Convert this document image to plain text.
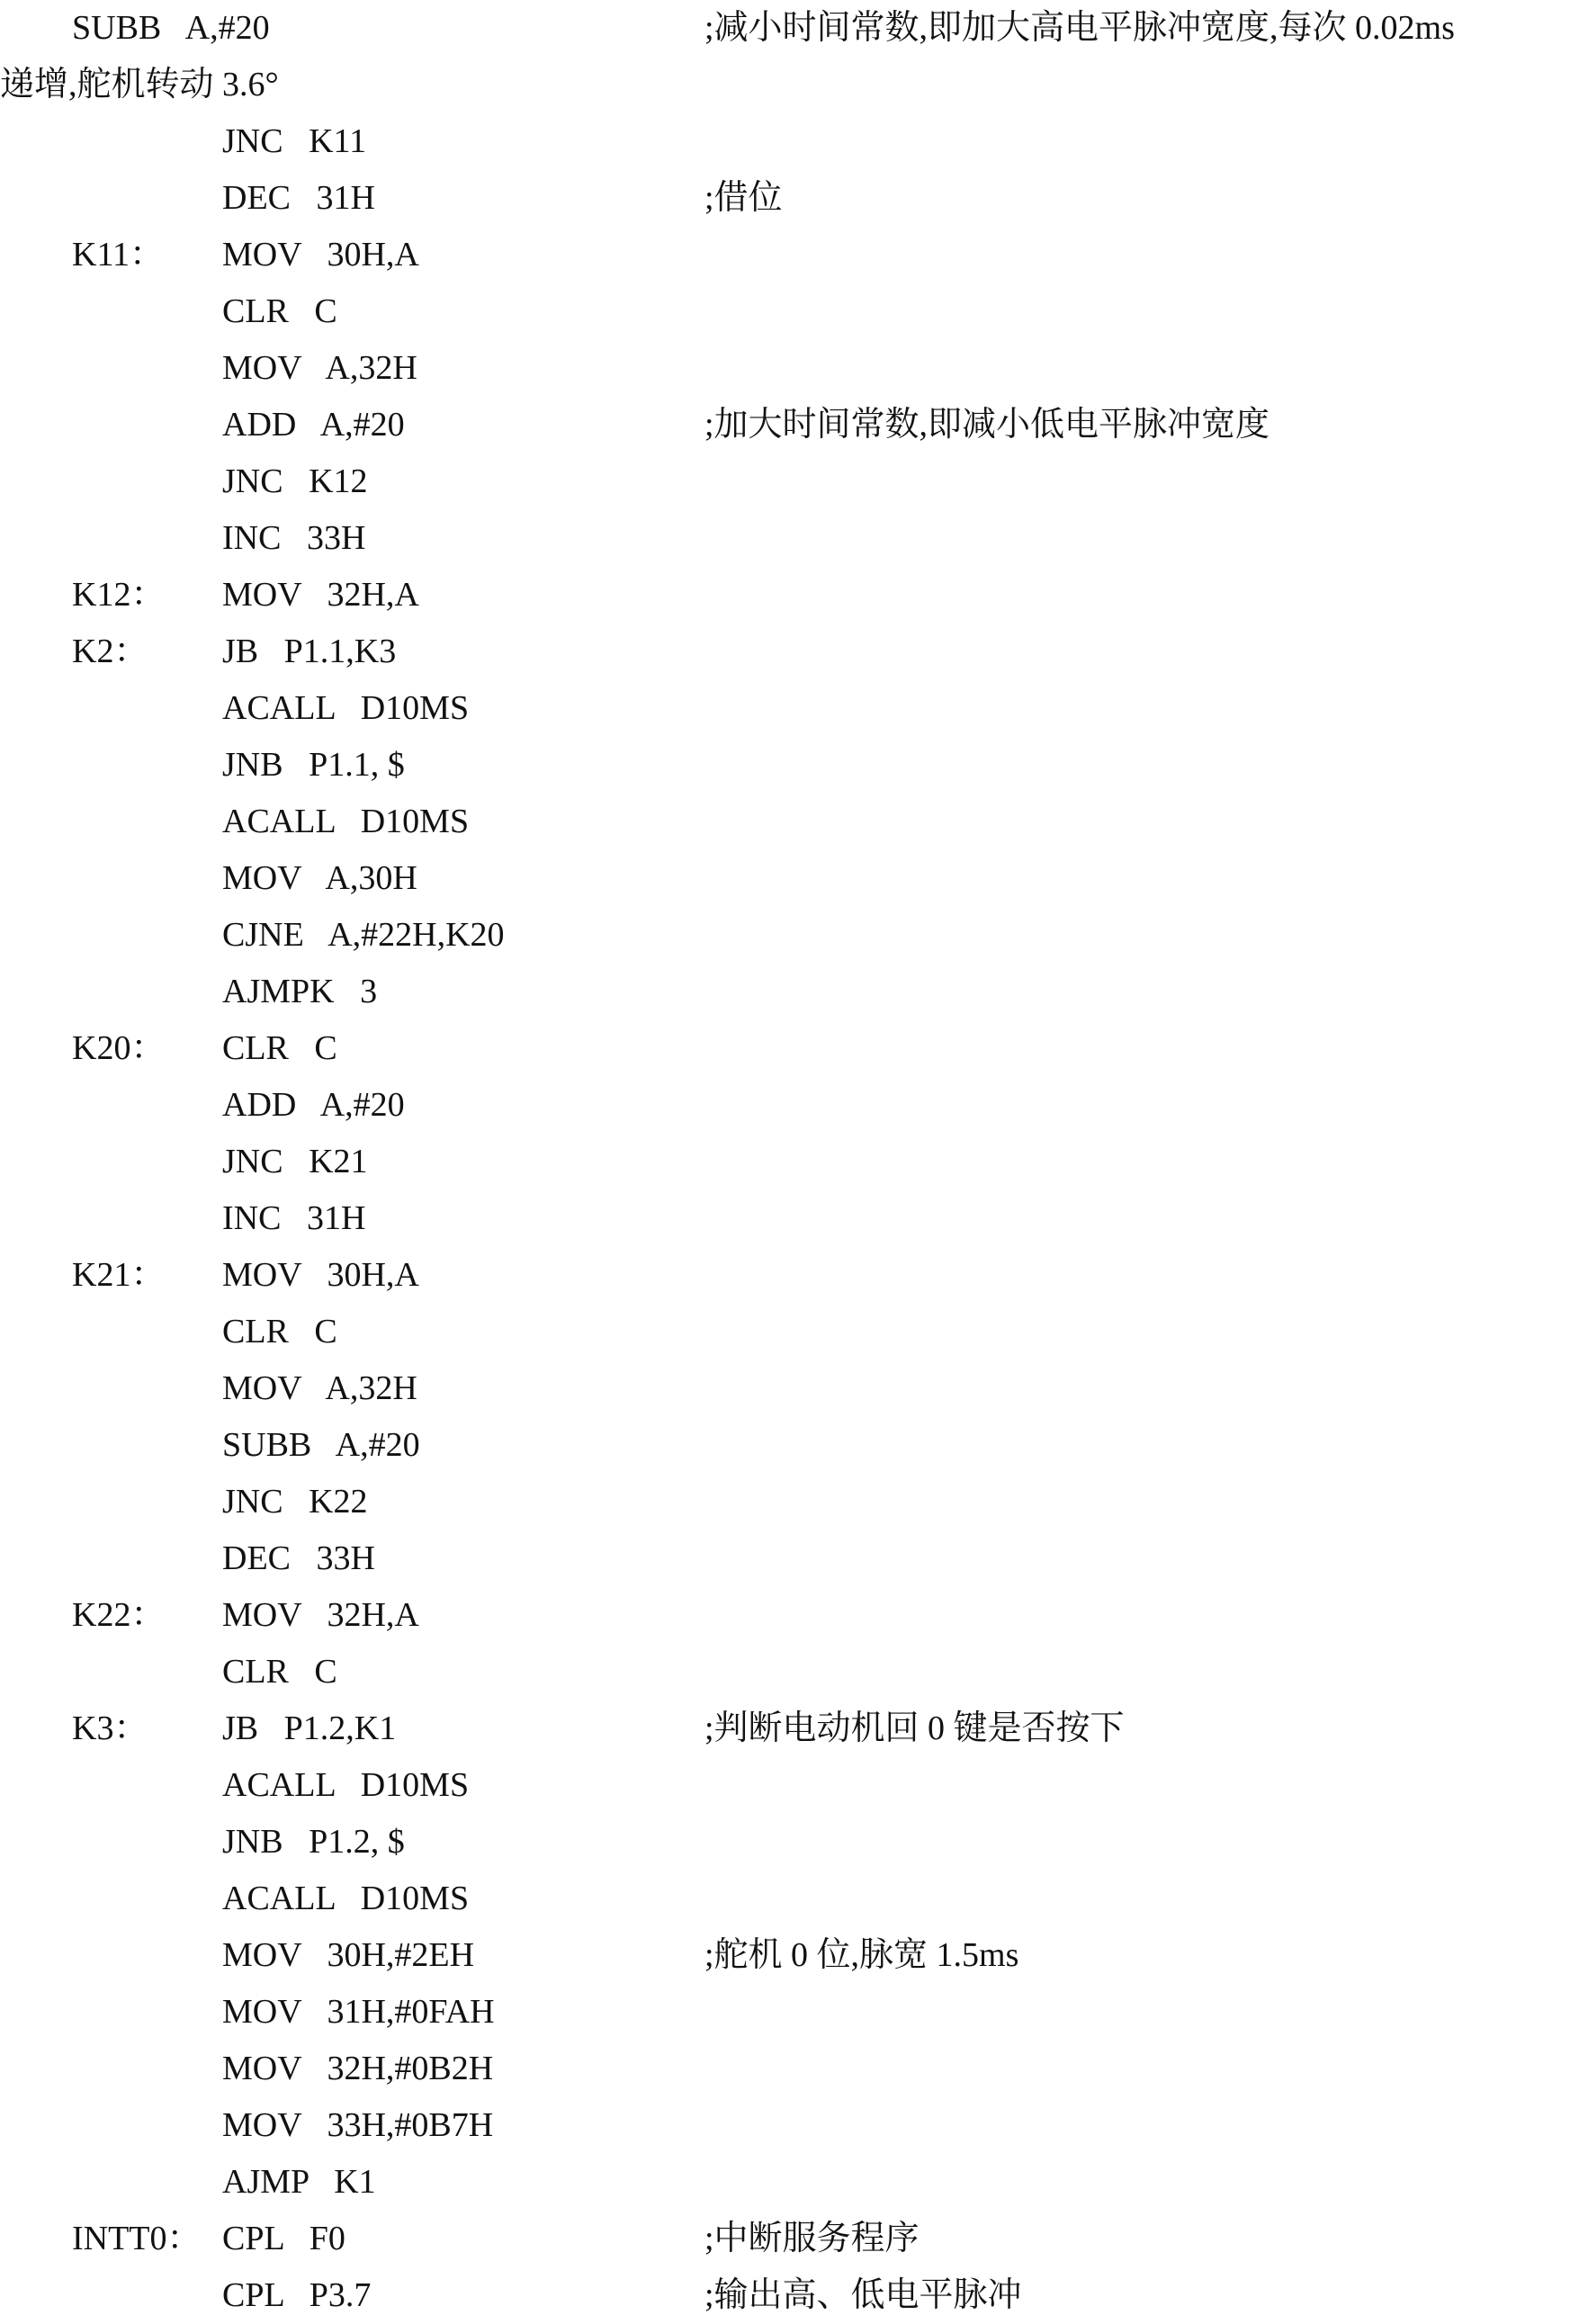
SUBB   A,#20	;减小时间常数,即加大高电平脉冲宽度,每次 0.02ms
递增,舵机转动 3.6°
JNC   K11
DEC   31H	;借位
K11： MOV   30H,A
CLR   C
MOV   A,32H
ADD   A,#20	;加大时间常数,即减小低电平脉冲宽度
JNC   K12
INC   33H
K12： MOV   32H,A
K2： JB   P1.1,K3
ACALL   D10MS
JNB   P1.1, $
ACALL   D10MS
MOV   A,30H
CJNE   A,#22H,K20
AJMPK   3
K20： CLR   C
ADD   A,#20
JNC   K21
INC   31H
K21： MOV   30H,A
CLR   C
MOV   A,32H
SUBB   A,#20
JNC   K22
DEC   33H
K22： MOV   32H,A
CLR   C
K3： JB   P1.2,K1	;判断电动机回 0 键是否按下
ACALL   D10MS
JNB   P1.2, $
ACALL   D10MS
MOV   30H,#2EH	;舵机 0 位,脉宽 1.5ms
MOV   31H,#0FAH
MOV   32H,#0B2H
MOV   33H,#0B7H
AJMP   K1
INTT0： CPL   F0	;中断服务程序
CPL   P3.7	;输出高、低电平脉冲
